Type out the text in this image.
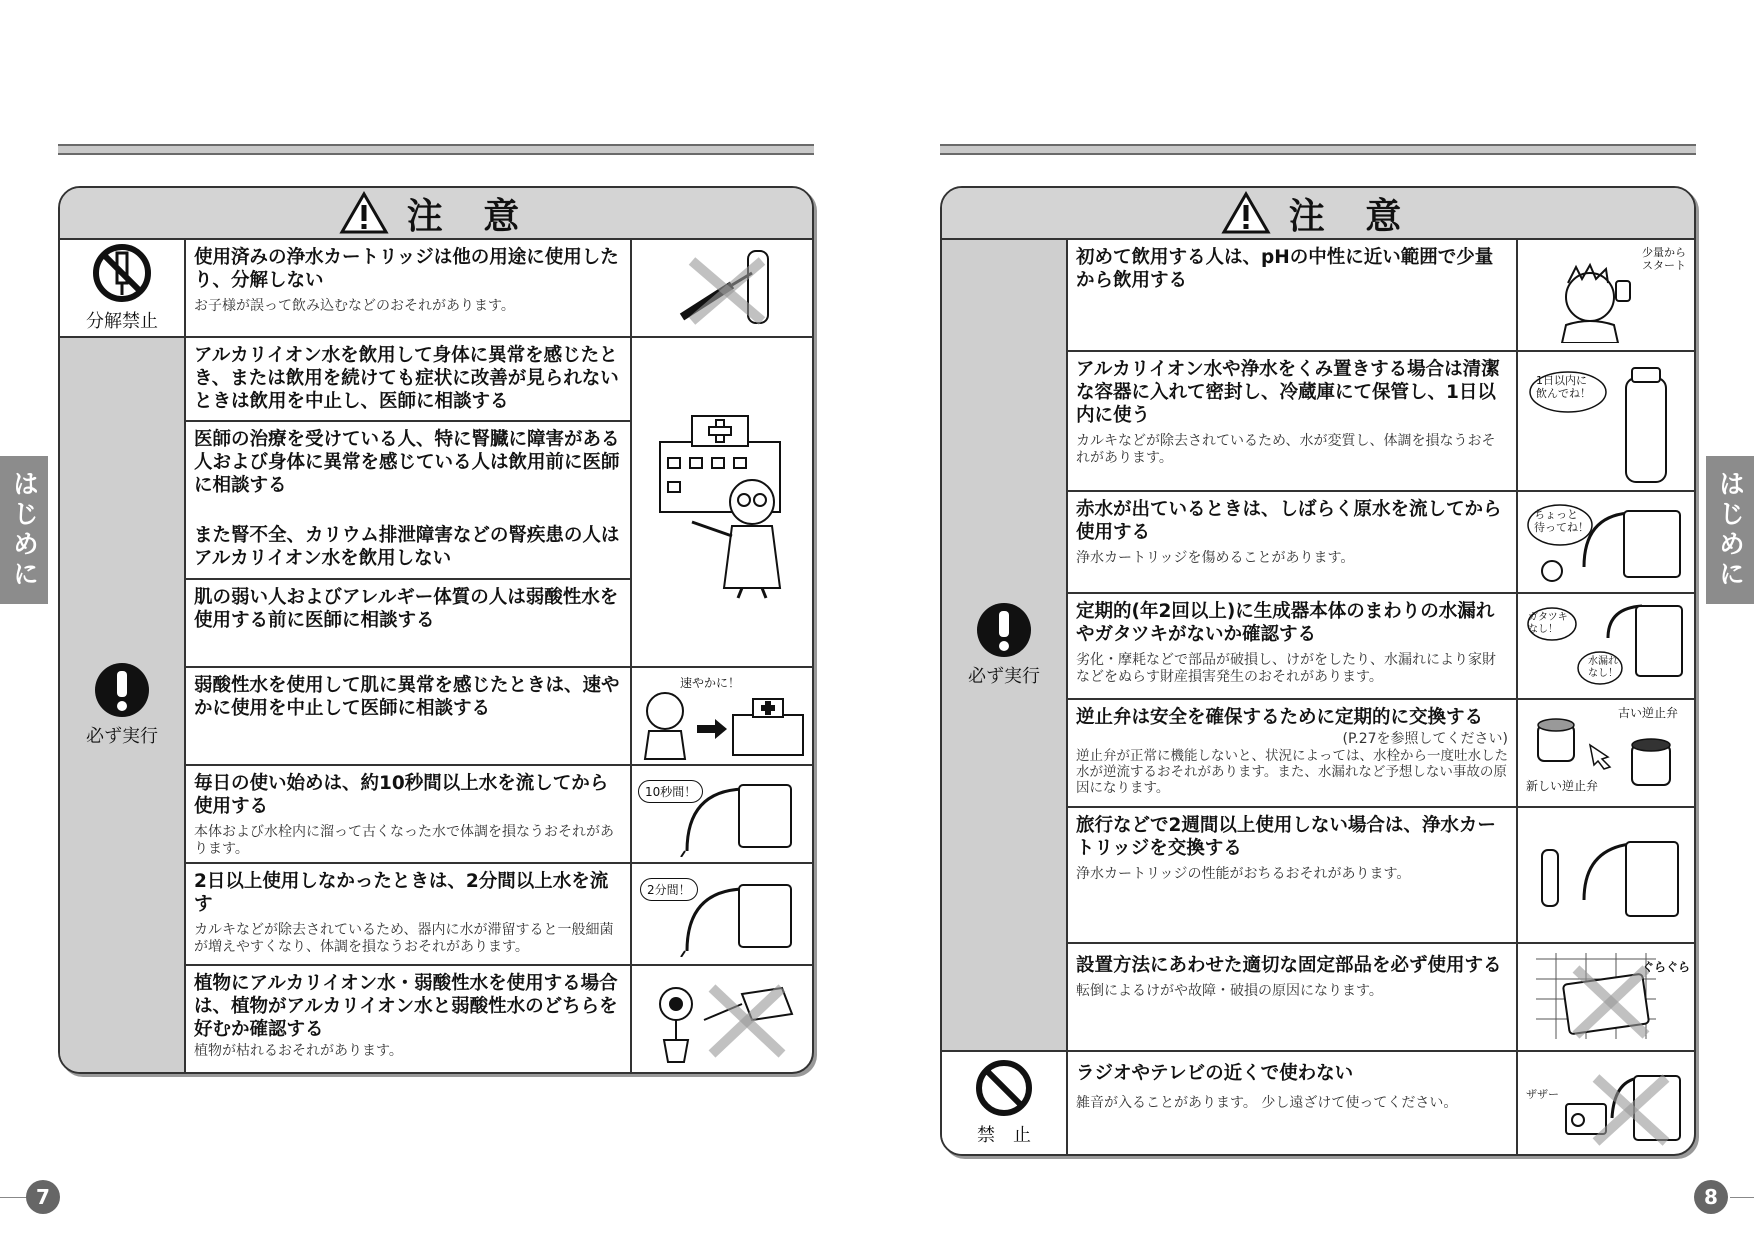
はじめに	はじめに
注 意
分解禁止
必ず実行
使用済みの浄水カートリッジは他の用途に使用したり、分解しない
お子様が誤って飲み込むなどのおそれがあります。
アルカリイオン水を飲用して身体に異常を感じたとき、または飲用を続けても症状に改善が見られないときは飲用を中止し、医師に相談する
医師の治療を受けている人、特に腎臓に障害がある人および身体に異常を感じている人は飲用前に医師に相談する
また腎不全、カリウム排泄障害などの腎疾患の人はアルカリイオン水を飲用しない
肌の弱い人およびアレルギー体質の人は弱酸性水を使用する前に医師に相談する
弱酸性水を使用して肌に異常を感じたときは、速やかに使用を中止して医師に相談する
速やかに！
毎日の使い始めは、約10秒間以上水を流してから使用する
本体および水栓内に溜って古くなった水で体調を損なうおそれがあります。
10秒間！
2日以上使用しなかったときは、2分間以上水を流す
カルキなどが除去されているため、器内に水が滞留すると一般細菌が増えやすくなり、体調を損なうおそれがあります。
2分間！
植物にアルカリイオン水・弱酸性水を使用する場合は、植物がアルカリイオン水と弱酸性水のどちらを好むか確認する
植物が枯れるおそれがあります。
注 意
必ず実行
禁　止
初めて飲用する人は、pHの中性に近い範囲で少量から飲用する
少量から
スタート
アルカリイオン水や浄水をくみ置きする場合は清潔な容器に入れて密封し、冷蔵庫にて保管し、1日以内に使う
カルキなどが除去されているため、水が変質し、体調を損なうおそれがあります。
1日以内に
飲んでね！
赤水が出ているときは、しばらく原水を流してから使用する
浄水カートリッジを傷めることがあります。
ちょっと
待ってね！
定期的(年2回以上)に生成器本体のまわりの水漏れやガタツキがないか確認する
劣化・摩耗などで部品が破損し、けがをしたり、水漏れにより家財などをぬらす財産損害発生のおそれがあります。
ガタツキ
なし！
水漏れ
なし！
逆止弁は安全を確保するために定期的に交換する
(P.27を参照してください)
逆止弁が正常に機能しないと、状況によっては、水栓から一度吐水した水が逆流するおそれがあります。また、水漏れなど予想しない事故の原因になります。
古い逆止弁
新しい逆止弁
旅行などで2週間以上使用しない場合は、浄水カートリッジを交換する
浄水カートリッジの性能がおちるおそれがあります。
設置方法にあわせた適切な固定部品を必ず使用する
転倒によるけがや故障・破損の原因になります。
ぐらぐら
ラジオやテレビの近くで使わない
雑音が入ることがあります。 少し遠ざけて使ってください。
ザザー
7	8
